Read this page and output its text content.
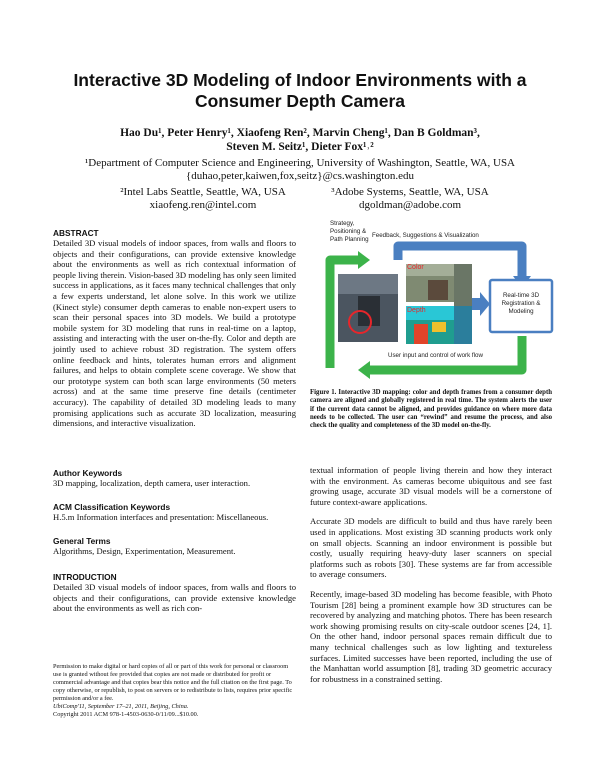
Interactive 3D Modeling of Indoor Environments with a Consumer Depth Camera
Hao Du¹, Peter Henry¹, Xiaofeng Ren², Marvin Cheng¹, Dan B Goldman³,
Steven M. Seitz¹, Dieter Fox¹˒²
¹Department of Computer Science and Engineering, University of Washington, Seattle, WA, USA
{duhao,peter,kaiwen,fox,seitz}@cs.washington.edu
²Intel Labs Seattle, Seattle, WA, USA
xiaofeng.ren@intel.com
³Adobe Systems, Seattle, WA, USA
dgoldman@adobe.com
ABSTRACT

Detailed 3D visual models of indoor spaces, from walls and floors to objects and their configurations, can provide extensive knowledge about the environments as well as rich contextual information of people living therein. Vision-based 3D modeling has only seen limited success in applications, as it faces many technical challenges that only a few experts understand, let alone solve. In this work we utilize (Kinect style) consumer depth cameras to enable non-expert users to scan their personal spaces into 3D models. We build a prototype mobile system for 3D modeling that runs in real-time on a laptop, assisting and interacting with the user on-the-fly. Color and depth are jointly used to achieve robust 3D registration. The system offers online feedback and hints, tolerates human errors and alignment failures, and helps to obtain complete scene coverage. We show that our prototype system can both scan large environments (50 meters across) and at the same time preserve fine details (centimeter accuracy). The capability of detailed 3D modeling leads to many promising applications such as accurate 3D localization, measuring dimensions, and interactive visualization.

Author Keywords

3D mapping, localization, depth camera, user interaction.

ACM Classification Keywords

H.5.m Information interfaces and presentation: Miscellaneous.

General Terms

Algorithms, Design, Experimentation, Measurement.

INTRODUCTION

Detailed 3D visual models of indoor spaces, from walls and floors to objects and their configurations, can provide extensive knowledge about the environments as well as rich con-

Permission to make digital or hard copies of all or part of this work for personal or classroom use is granted without fee provided that copies are not made or distributed for profit or commercial advantage and that copies bear this notice and the full citation on the first page. To copy otherwise, or republish, to post on servers or to redistribute to lists, requires prior specific permission and/or a fee.

UbiComp'11, September 17–21, 2011, Beijing, China.

Copyright 2011 ACM 978-1-4503-0630-0/11/09...$10.00.

Strategy,
Positioning &
Path Planning
Feedback, Suggestions & Visualization
Color
Depth
Real-time 3D
Registration &
Modeling
User input and control of work flow

Figure 1. Interactive 3D mapping: color and depth frames from a consumer depth camera are aligned and globally registered in real time. The system alerts the user if the current data cannot be aligned, and provides guidance on where more data needs to be collected. The user can “rewind” and resume the process, and also check the quality and completeness of the 3D model on-the-fly.

textual information of people living therein and how they interact with the environment. As cameras become ubiquitous and see fast growing usage, accurate 3D visual models will be a cornerstone of future context-aware applications.

Accurate 3D models are difficult to build and thus have rarely been used in applications. Most existing 3D scanning products work only on small objects. Scanning an indoor environment is possible but costly, usually requiring heavy-duty laser scanners on special platforms such as robots [30]. These systems are far from accessible to average consumers.

Recently, image-based 3D modeling has become feasible, with Photo Tourism [28] being a prominent example how 3D structures can be recovered by analyzing and matching photos. There has been research work showing promising results on city-scale outdoor scenes [24, 1]. On the other hand, indoor personal spaces remain difficult due to many technical challenges such as low lighting and textureless surfaces. Limited successes have been reported, including the use of the Manhattan world assumption [8], trading 3D geometric accuracy for robustness in a constrained setting.
